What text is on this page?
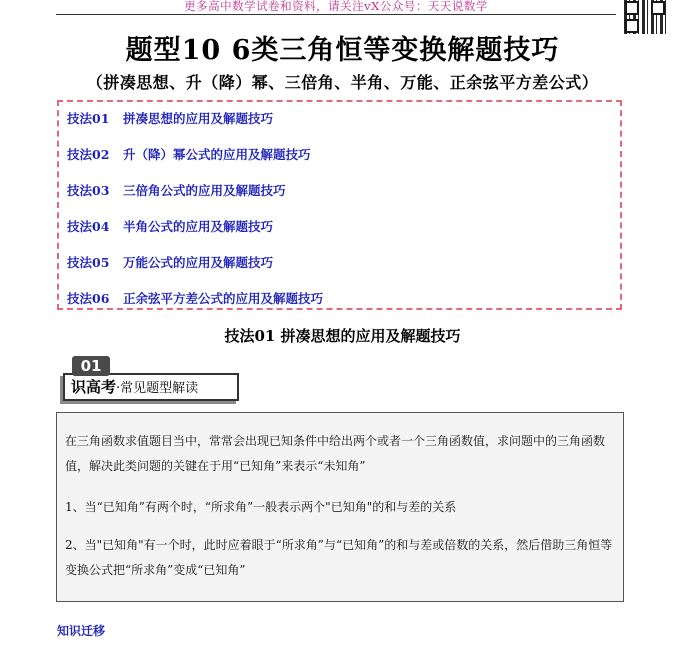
更多高中数学试卷和资料，请关注vX公众号：天天说数学
题型10 6类三角恒等变换解题技巧
（拼凑思想、升（降）幂、三倍角、半角、万能、正余弦平方差公式）
技法01 拼凑思想的应用及解题技巧
技法02 升（降）幂公式的应用及解题技巧
技法03 三倍角公式的应用及解题技巧
技法04 半角公式的应用及解题技巧
技法05 万能公式的应用及解题技巧
技法06 正余弦平方差公式的应用及解题技巧
技法01 拼凑思想的应用及解题技巧
识高考·常见题型解读
01
在三角函数求值题目当中，常常会出现已知条件中给出两个或者一个三角函数值，求问题中的三角函数值，解决此类问题的关键在于用“已知角”来表示“未知角”
1、当“已知角”有两个时，“所求角”一般表示两个"已知角"的和与差的关系
2、当"已知角"有一个时，此时应着眼于“所求角”与“已知角”的和与差或倍数的关系，然后借助三角恒等变换公式把“所求角”变成“已知角”
知识迁移
